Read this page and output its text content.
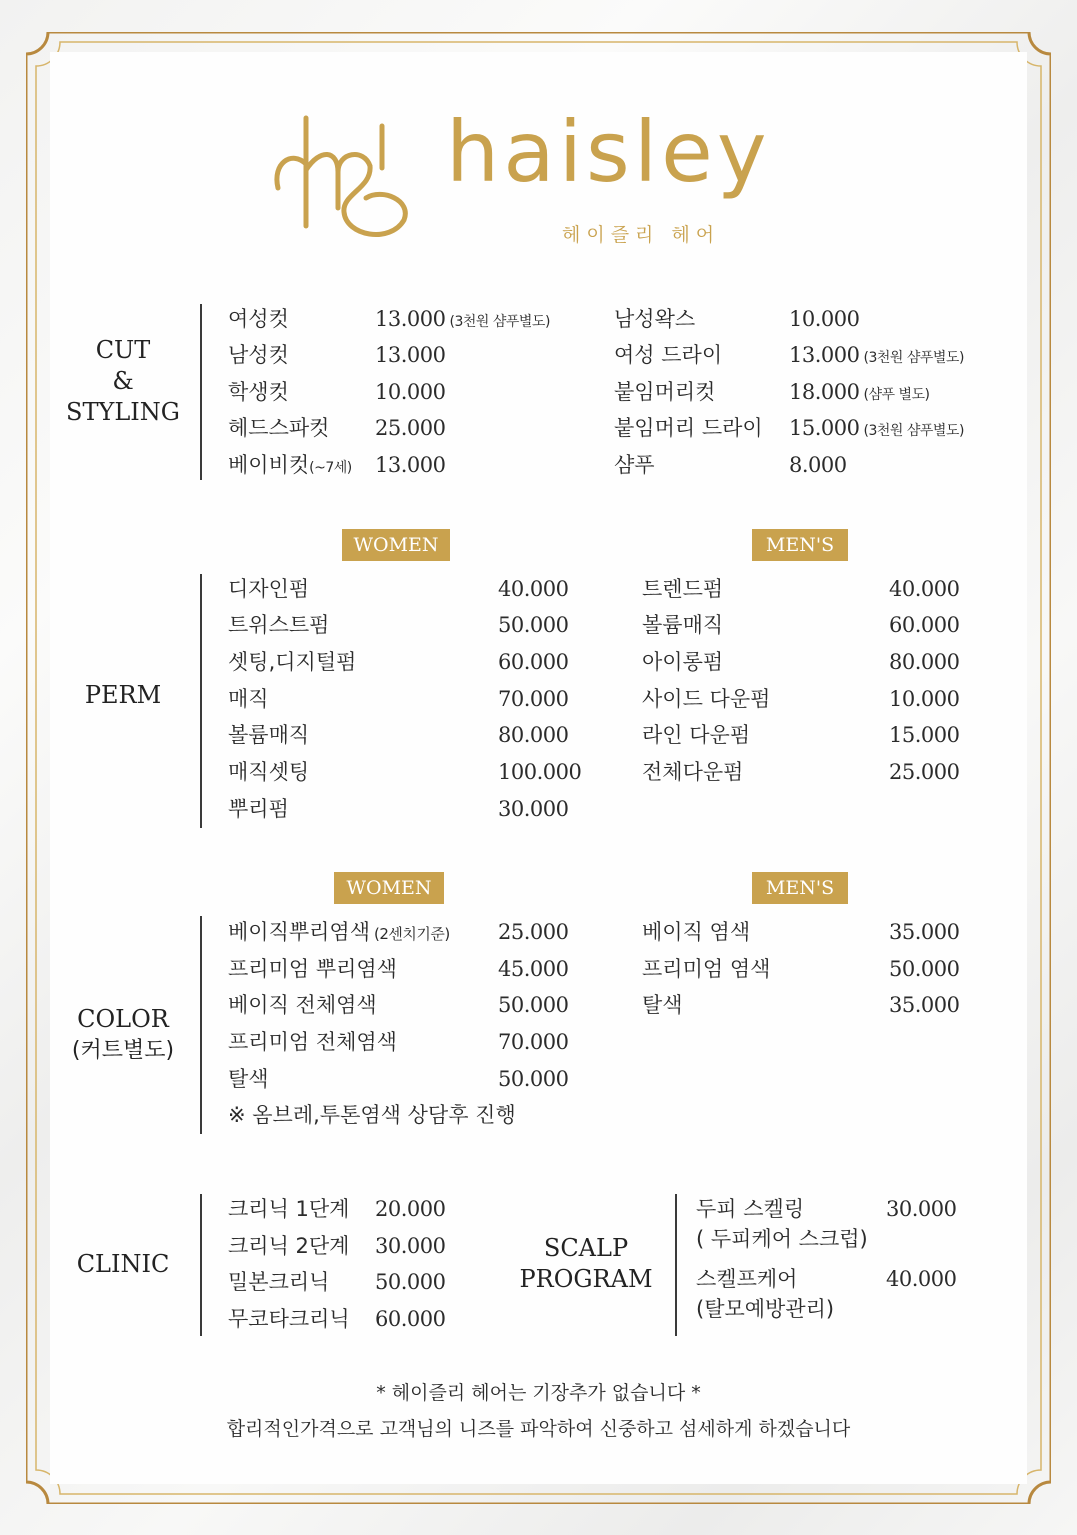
haisley
헤이즐리 헤어
CUT
&
STYLING
여성컷	13.000 (3천원 샴푸별도)
남성컷	13.000
학생컷	10.000
헤드스파컷 25.000
베이비컷(~7세) 13.000
남성왁스	10.000
여성 드라이	13.000 (3천원 샴푸별도)
붙임머리컷	18.000 (샴푸 별도)
붙임머리 드라이 15.000 (3천원 샴푸별도)
샴푸	8.000
WOMEN	MEN'S
PERM
디자인펌	40.000
트위스트펌	50.000
셋팅,디지털펌	60.000
매직	70.000
볼륨매직	80.000
매직셋팅	100.000
뿌리펌	30.000
트렌드펌	40.000
볼륨매직	60.000
아이롱펌	80.000
사이드 다운펌	10.000
라인 다운펌	15.000
전체다운펌	25.000
WOMEN	MEN'S
COLOR
(커트별도)
베이직뿌리염색 (2센치기준) 25.000
프리미엄 뿌리염색	45.000
베이직 전체염색	50.000
프리미엄 전체염색	70.000
탈색	50.000
※ 옴브레,투톤염색 상담후 진행
베이직 염색	35.000
프리미엄 염색	50.000
탈색	35.000
CLINIC
크리닉 1단계 20.000
크리닉 2단계 30.000
밀본크리닉 50.000
무코타크리닉 60.000
SCALP
PROGRAM
두피 스켈링
( 두피케어 스크럽)
30.000
스켈프케어
(탈모예방관리)
40.000
* 헤이즐리 헤어는 기장추가 없습니다 *
합리적인가격으로 고객님의 니즈를 파악하여 신중하고 섬세하게 하겠습니다
